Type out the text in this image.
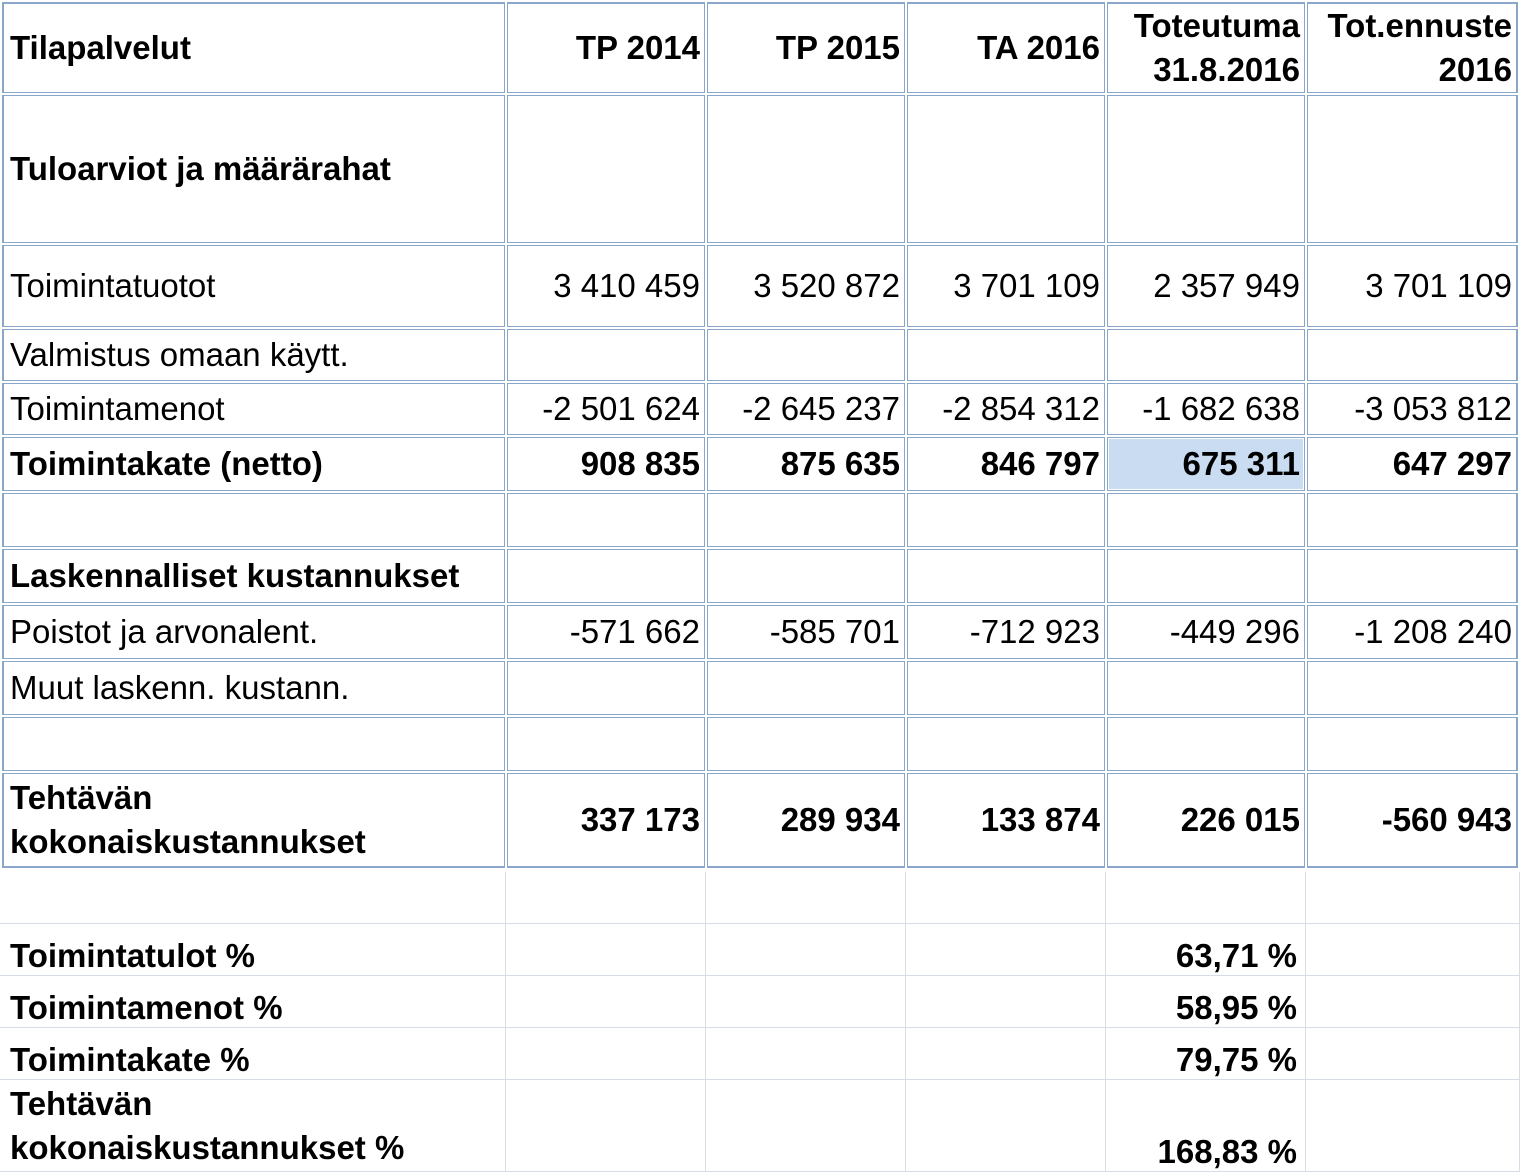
Tilapalvelut	TP 2014	TP 2015	TA 2016	Toteutuma 31.8.2016	Tot.ennuste 2016
Tuloarviot ja määrärahat					
Toimintatuotot	3 410 459	3 520 872	3 701 109	2 357 949	3 701 109
Valmistus omaan käytt.					
Toimintamenot	-2 501 624	-2 645 237	-2 854 312	-1 682 638	-3 053 812
Toimintakate (netto)	908 835	875 635	846 797	675 311	647 297

Laskennalliset kustannukset					
Poistot ja arvonalent.	-571 662	-585 701	-712 923	-449 296	-1 208 240
Muut laskenn. kustann.					

Tehtävän kokonaiskustannukset	337 173	289 934	133 874	226 015	-560 943

Toimintatulot %				63,71 %	
Toimintamenot %				58,95 %	
Toimintakate %				79,75 %	
Tehtävän kokonaiskustannukset %				168,83 %	
